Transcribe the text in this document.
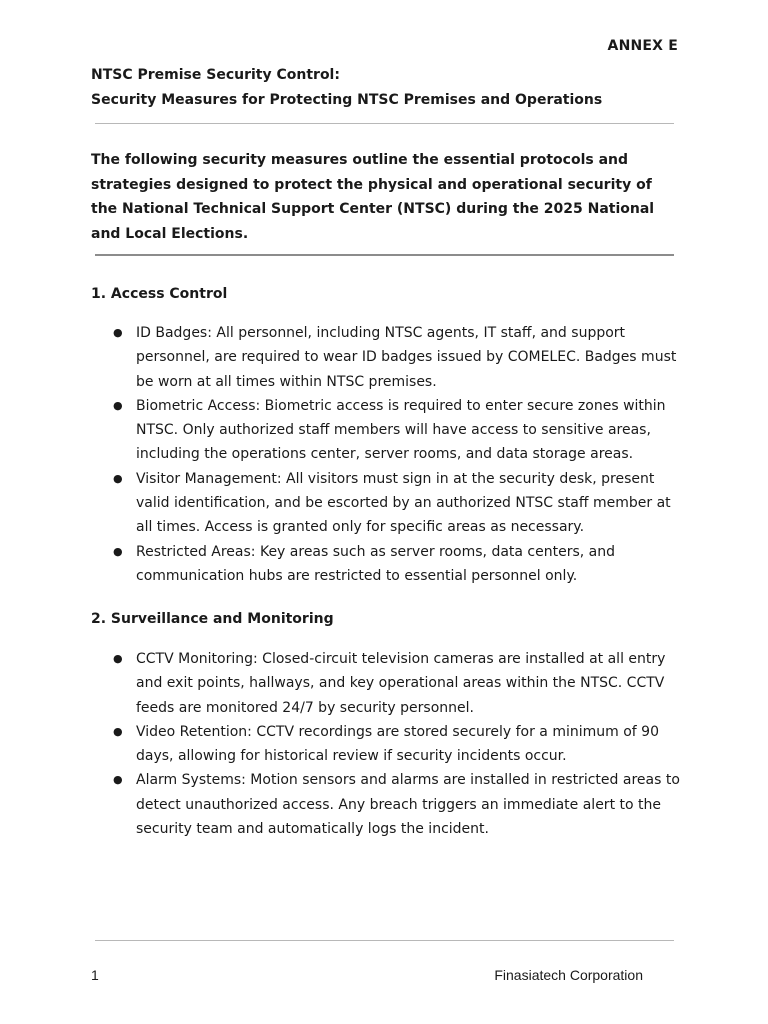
ANNEX E
NTSC Premise Security Control:
Security Measures for Protecting NTSC Premises and Operations
The following security measures outline the essential protocols and strategies designed to protect the physical and operational security of the National Technical Support Center (NTSC) during the 2025 National and Local Elections.
1. Access Control
● ID Badges: All personnel, including NTSC agents, IT staff, and support personnel, are required to wear ID badges issued by COMELEC. Badges must be worn at all times within NTSC premises.
● Biometric Access: Biometric access is required to enter secure zones within NTSC. Only authorized staff members will have access to sensitive areas, including the operations center, server rooms, and data storage areas.
● Visitor Management: All visitors must sign in at the security desk, present valid identification, and be escorted by an authorized NTSC staff member at all times. Access is granted only for specific areas as necessary.
● Restricted Areas: Key areas such as server rooms, data centers, and communication hubs are restricted to essential personnel only.
2. Surveillance and Monitoring
● CCTV Monitoring: Closed-circuit television cameras are installed at all entry and exit points, hallways, and key operational areas within the NTSC. CCTV feeds are monitored 24/7 by security personnel.
● Video Retention: CCTV recordings are stored securely for a minimum of 90 days, allowing for historical review if security incidents occur.
● Alarm Systems: Motion sensors and alarms are installed in restricted areas to detect unauthorized access. Any breach triggers an immediate alert to the security team and automatically logs the incident.
1	Finasiatech Corporation
